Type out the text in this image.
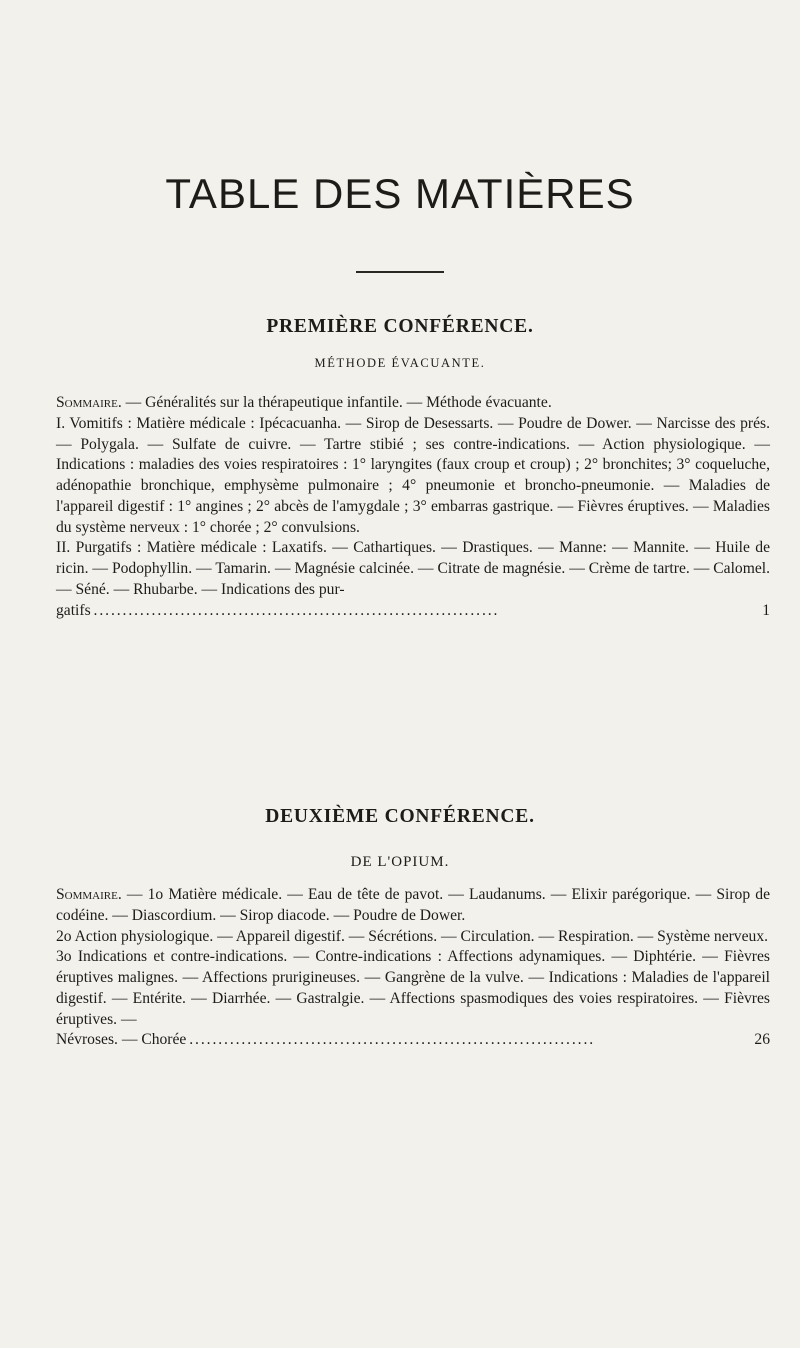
TABLE DES MATIÈRES
PREMIÈRE CONFÉRENCE.
MÉTHODE ÉVACUANTE.

Sommaire. — Généralités sur la thérapeutique infantile. — Méthode évacuante.

I. Vomitifs : Matière médicale : Ipécacuanha. — Sirop de Desessarts. — Poudre de Dower. — Narcisse des prés. — Polygala. — Sulfate de cuivre. — Tartre stibié ; ses contre-indications. — Action physiologique. — Indications : maladies des voies respiratoires : 1° laryngites (faux croup et croup) ; 2° bronchites; 3° coqueluche, adénopathie bronchique, emphysème pulmonaire ; 4° pneumonie et broncho-pneumonie. — Maladies de l'appareil digestif : 1° angines ; 2° abcès de l'amygdale ; 3° embarras gastrique. — Fièvres éruptives. — Maladies du système nerveux : 1° chorée ; 2° convulsions.

II. Purgatifs : Matière médicale : Laxatifs. — Cathartiques. — Drastiques. — Manne: — Mannite. — Huile de ricin. — Podophyllin. — Tamarin. — Magnésie calcinée. — Citrate de magnésie. — Crème de tartre. — Calomel. — Séné. — Rhubarbe. — Indications des pur-

gatifs . . .	1
DEUXIÈME CONFÉRENCE.
DE L'OPIUM.

Sommaire. — 1o Matière médicale. — Eau de tête de pavot. — Laudanums. — Elixir parégorique. — Sirop de codéine. — Diascordium. — Sirop diacode. — Poudre de Dower.

2o Action physiologique. — Appareil digestif. — Sécrétions. — Circulation. — Respiration. — Système nerveux.

3o Indications et contre-indications. — Contre-indications : Affections adynamiques. — Diphtérie. — Fièvres éruptives malignes. — Affections prurigineuses. — Gangrène de la vulve. — Indications : Maladies de l'appareil digestif. — Entérite. — Diarrhée. — Gastralgie. — Affections spasmodiques des voies respiratoires. — Fièvres éruptives. —

Névroses. — Chorée . . .	26
